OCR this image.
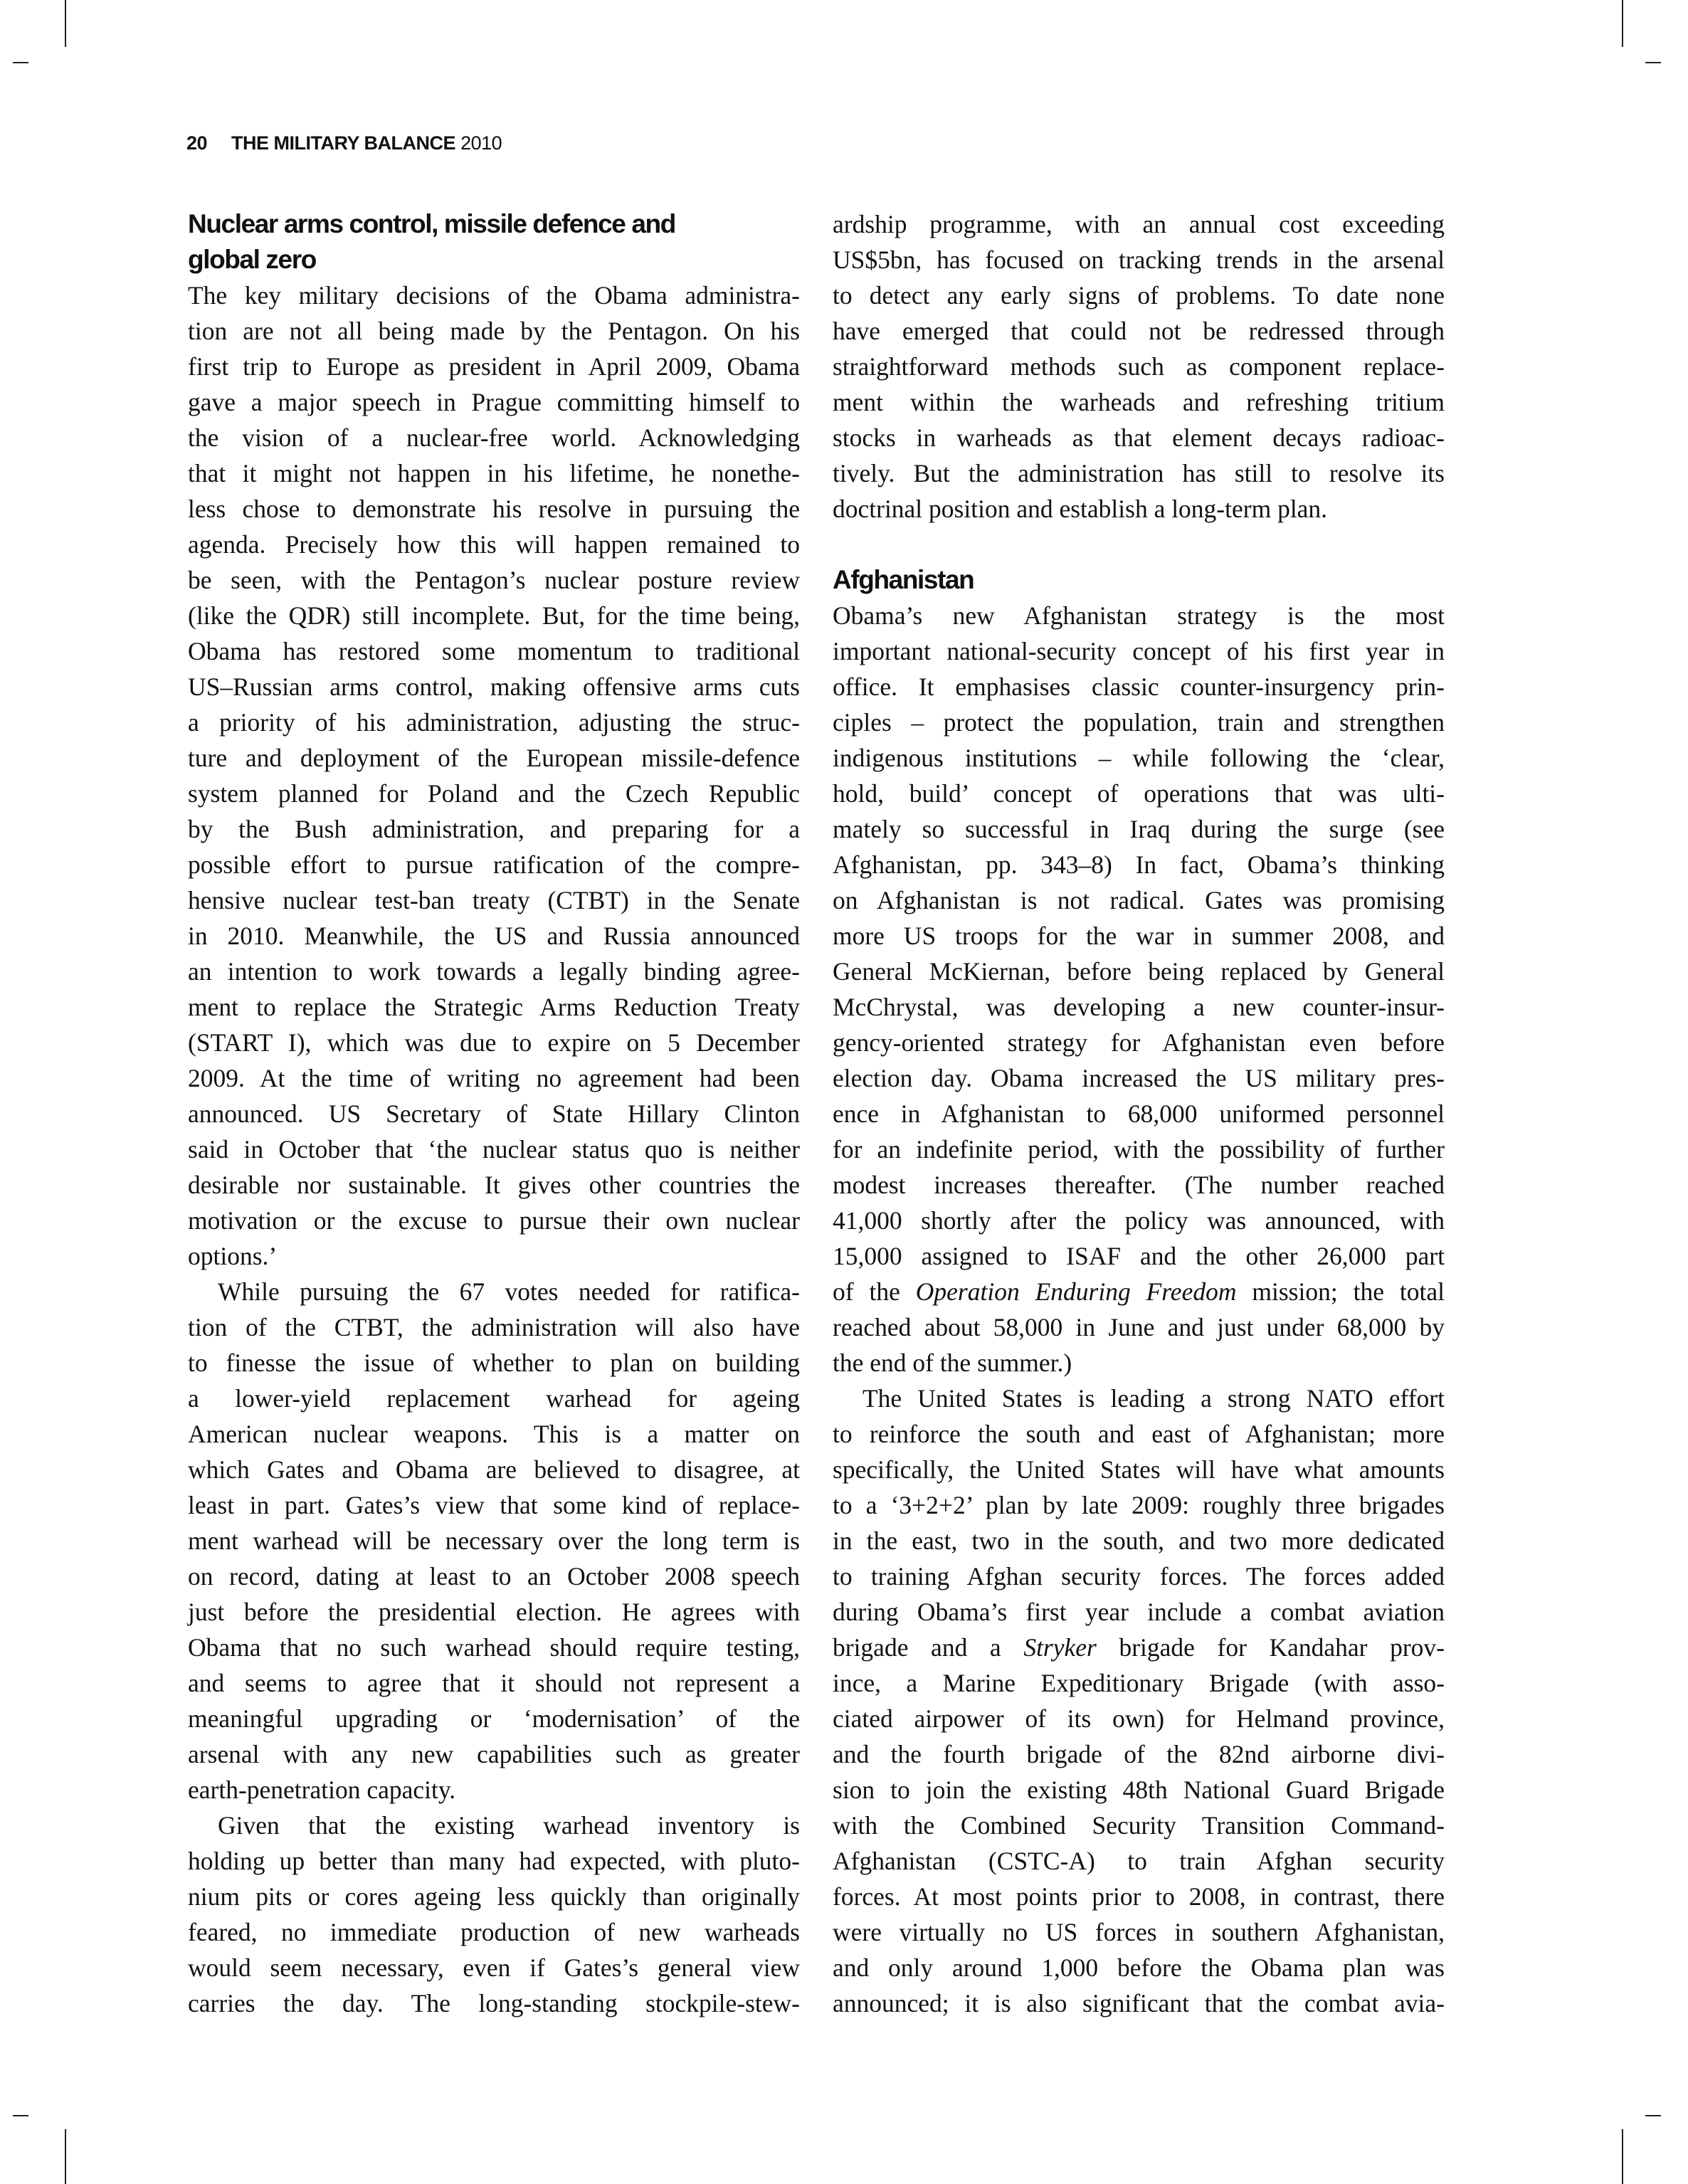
20 THE MILITARY BALANCE 2010
Nuclear arms control, missile defence and
global zero
The key military decisions of the Obama administra-
tion are not all being made by the Pentagon. On his
first trip to Europe as president in April 2009, Obama
gave a major speech in Prague committing himself to
the vision of a nuclear-free world. Acknowledging
that it might not happen in his lifetime, he nonethe-
less chose to demonstrate his resolve in pursuing the
agenda. Precisely how this will happen remained to
be seen, with the Pentagon’s nuclear posture review
(like the QDR) still incomplete. But, for the time being,
Obama has restored some momentum to traditional
US–Russian arms control, making offensive arms cuts
a priority of his administration, adjusting the struc-
ture and deployment of the European missile-defence
system planned for Poland and the Czech Republic
by the Bush administration, and preparing for a
possible effort to pursue ratification of the compre-
hensive nuclear test-ban treaty (CTBT) in the Senate
in 2010. Meanwhile, the US and Russia announced
an intention to work towards a legally binding agree-
ment to replace the Strategic Arms Reduction Treaty
(START I), which was due to expire on 5 December
2009. At the time of writing no agreement had been
announced. US Secretary of State Hillary Clinton
said in October that ‘the nuclear status quo is neither
desirable nor sustainable. It gives other countries the
motivation or the excuse to pursue their own nuclear
options.’
While pursuing the 67 votes needed for ratifica-
tion of the CTBT, the administration will also have
to finesse the issue of whether to plan on building
a lower-yield replacement warhead for ageing
American nuclear weapons. This is a matter on
which Gates and Obama are believed to disagree, at
least in part. Gates’s view that some kind of replace-
ment warhead will be necessary over the long term is
on record, dating at least to an October 2008 speech
just before the presidential election. He agrees with
Obama that no such warhead should require testing,
and seems to agree that it should not represent a
meaningful upgrading or ‘modernisation’ of the
arsenal with any new capabilities such as greater
earth-penetration capacity.
Given that the existing warhead inventory is
holding up better than many had expected, with pluto-
nium pits or cores ageing less quickly than originally
feared, no immediate production of new warheads
would seem necessary, even if Gates’s general view
carries the day. The long-standing stockpile-stew-
ardship programme, with an annual cost exceeding
US$5bn, has focused on tracking trends in the arsenal
to detect any early signs of problems. To date none
have emerged that could not be redressed through
straightforward methods such as component replace-
ment within the warheads and refreshing tritium
stocks in warheads as that element decays radioac-
tively. But the administration has still to resolve its
doctrinal position and establish a long-term plan.
Afghanistan
Obama’s new Afghanistan strategy is the most
important national-security concept of his first year in
office. It emphasises classic counter-insurgency prin-
ciples – protect the population, train and strengthen
indigenous institutions – while following the ‘clear,
hold, build’ concept of operations that was ulti-
mately so successful in Iraq during the surge (see
Afghanistan, pp. 343–8) In fact, Obama’s thinking
on Afghanistan is not radical. Gates was promising
more US troops for the war in summer 2008, and
General McKiernan, before being replaced by General
McChrystal, was developing a new counter-insur-
gency-oriented strategy for Afghanistan even before
election day. Obama increased the US military pres-
ence in Afghanistan to 68,000 uniformed personnel
for an indefinite period, with the possibility of further
modest increases thereafter. (The number reached
41,000 shortly after the policy was announced, with
15,000 assigned to ISAF and the other 26,000 part
of the Operation Enduring Freedom mission; the total
reached about 58,000 in June and just under 68,000 by
the end of the summer.)
The United States is leading a strong NATO effort
to reinforce the south and east of Afghanistan; more
specifically, the United States will have what amounts
to a ‘3+2+2’ plan by late 2009: roughly three brigades
in the east, two in the south, and two more dedicated
to training Afghan security forces. The forces added
during Obama’s first year include a combat aviation
brigade and a Stryker brigade for Kandahar prov-
ince, a Marine Expeditionary Brigade (with asso-
ciated airpower of its own) for Helmand province,
and the fourth brigade of the 82nd airborne divi-
sion to join the existing 48th National Guard Brigade
with the Combined Security Transition Command-
Afghanistan (CSTC-A) to train Afghan security
forces. At most points prior to 2008, in contrast, there
were virtually no US forces in southern Afghanistan,
and only around 1,000 before the Obama plan was
announced; it is also significant that the combat avia-
